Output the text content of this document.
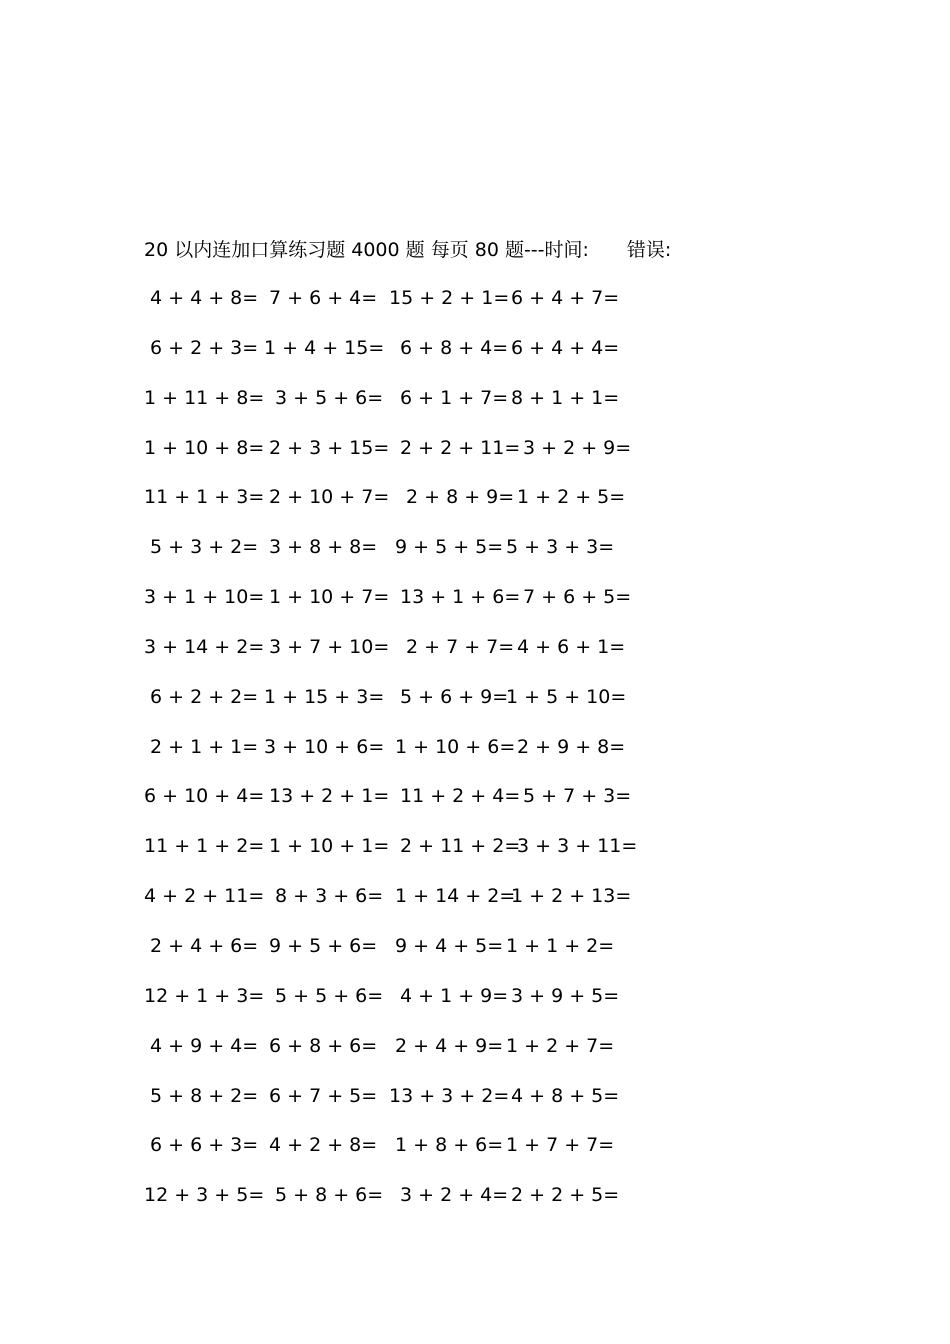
20 以内连加口算练习题 4000 题 每页 80 题---时间: 错误:
4 + 4 + 8= 7 + 6 + 4= 15 + 2 + 1= 6 + 4 + 7=
6 + 2 + 3= 1 + 4 + 15= 6 + 8 + 4= 6 + 4 + 4=
1 + 11 + 8= 3 + 5 + 6= 6 + 1 + 7= 8 + 1 + 1=
1 + 10 + 8= 2 + 3 + 15= 2 + 2 + 11= 3 + 2 + 9=
11 + 1 + 3= 2 + 10 + 7= 2 + 8 + 9= 1 + 2 + 5=
5 + 3 + 2= 3 + 8 + 8= 9 + 5 + 5= 5 + 3 + 3=
3 + 1 + 10= 1 + 10 + 7= 13 + 1 + 6= 7 + 6 + 5=
3 + 14 + 2= 3 + 7 + 10= 2 + 7 + 7= 4 + 6 + 1=
6 + 2 + 2= 1 + 15 + 3= 5 + 6 + 9=
1 + 5 + 10=
2 + 1 + 1= 3 + 10 + 6= 1 + 10 + 6= 2 + 9 + 8=
6 + 10 + 4= 13 + 2 + 1= 11 + 2 + 4= 5 + 7 + 3=
11 + 1 + 2= 1 + 10 + 1= 2 + 11 + 2=
3 + 3 + 11=
4 + 2 + 11= 8 + 3 + 6= 1 + 14 + 2=
1 + 2 + 13=
2 + 4 + 6= 9 + 5 + 6= 9 + 4 + 5= 1 + 1 + 2=
12 + 1 + 3= 5 + 5 + 6= 4 + 1 + 9= 3 + 9 + 5=
4 + 9 + 4= 6 + 8 + 6= 2 + 4 + 9= 1 + 2 + 7=
5 + 8 + 2= 6 + 7 + 5= 13 + 3 + 2= 4 + 8 + 5=
6 + 6 + 3= 4 + 2 + 8= 1 + 8 + 6= 1 + 7 + 7=
12 + 3 + 5= 5 + 8 + 6= 3 + 2 + 4= 2 + 2 + 5=
